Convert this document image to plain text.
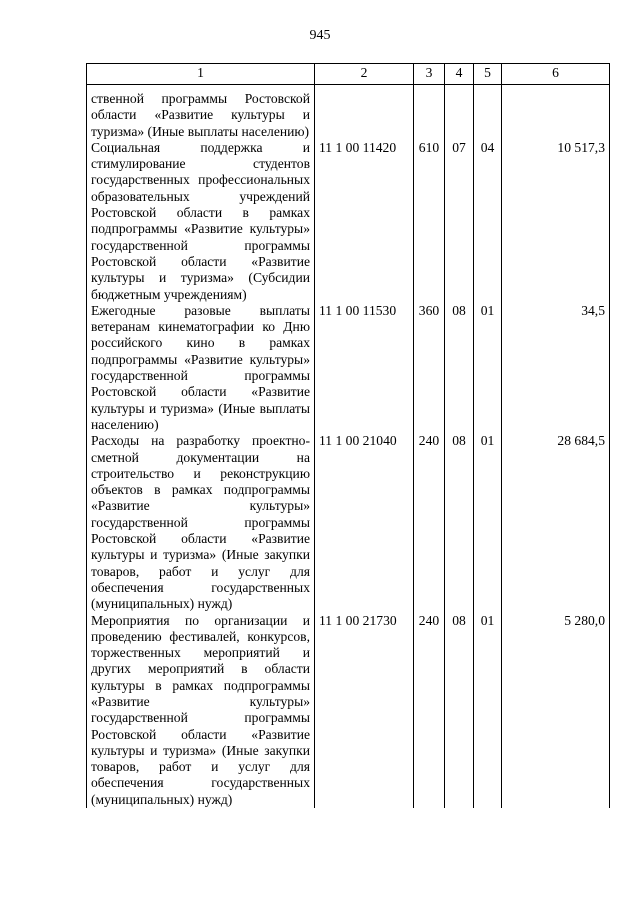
945
1	2	3	4	5	6
ственной программы Ростовской области «Развитие культуры и туризма» (Иные выплаты населению)					
Социальная поддержка и стимулирование студентов государственных профессиональных образовательных учреждений Ростовской области в рамках подпрограммы «Развитие культуры» государственной программы Ростовской области «Развитие культуры и туризма» (Субсидии бюджетным учреждениям)	11 1 00 11420	610	07	04	10 517,3
Ежегодные разовые выплаты ветеранам кинематографии ко Дню российского кино в рамках подпрограммы «Развитие культуры» государственной программы Ростовской области «Развитие культуры и туризма» (Иные выплаты населению)	11 1 00 11530	360	08	01	34,5
Расходы на разработку проектно-сметной документации на строительство и реконструкцию объектов в рамках подпрограммы «Развитие культуры» государственной программы Ростовской области «Развитие культуры и туризма» (Иные закупки товаров, работ и услуг для обеспечения государственных (муниципальных) нужд)	11 1 00 21040	240	08	01	28 684,5
Мероприятия по организации и проведению фестивалей, конкурсов, торжественных мероприятий и других мероприятий в области культуры в рамках подпрограммы «Развитие культуры» государственной программы Ростовской области «Развитие культуры и туризма» (Иные закупки товаров, работ и услуг для обеспечения государственных (муниципальных) нужд)	11 1 00 21730	240	08	01	5 280,0
